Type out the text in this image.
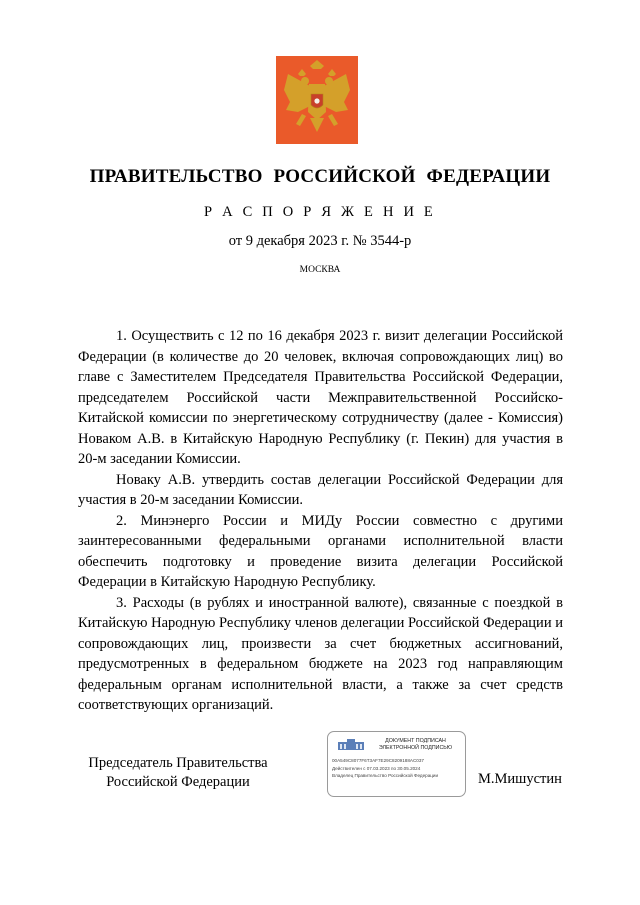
ПРАВИТЕЛЬСТВО РОССИЙСКОЙ ФЕДЕРАЦИИ
Р А С П О Р Я Ж Е Н И Е
от 9 декабря 2023 г. № 3544-р
МОСКВА

1. Осуществить с 12 по 16 декабря 2023 г. визит делегации Российской Федерации (в количестве до 20 человек, включая сопровождающих лиц) во главе с Заместителем Председателя Правительства Российской Федерации, председателем Российской части Межправительственной Российско-Китайской комиссии по энергетическому сотрудничеству (далее - Комиссия) Новаком А.В. в Китайскую Народную Республику (г. Пекин) для участия в 20-м заседании Комиссии.

Новаку А.В. утвердить состав делегации Российской Федерации для участия в 20-м заседании Комиссии.

2. Минэнерго России и МИДу России совместно с другими заинтересованными федеральными органами исполнительной власти обеспечить подготовку и проведение визита делегации Российской Федерации в Китайскую Народную Республику.

3. Расходы (в рублях и иностранной валюте), связанные с поездкой в Китайскую Народную Республику членов делегации Российской Федерации и сопровождающих лиц, произвести за счет бюджетных ассигнований, предусмотренных в федеральном бюджете на 2023 год направляющим федеральным органам исполнительной власти, а также за счет средств соответствующих организаций.

Председатель Правительства
Российской Федерации
ДОКУМЕНТ ПОДПИСАН
ЭЛЕКТРОННОЙ ПОДПИСЬЮ
00A549C8077F6T3AF7E29C8209188AC037
Действителен с 07.03.2023 по 30.05.2024
Владелец Правительство Российской Федерации	М.Мишустин
